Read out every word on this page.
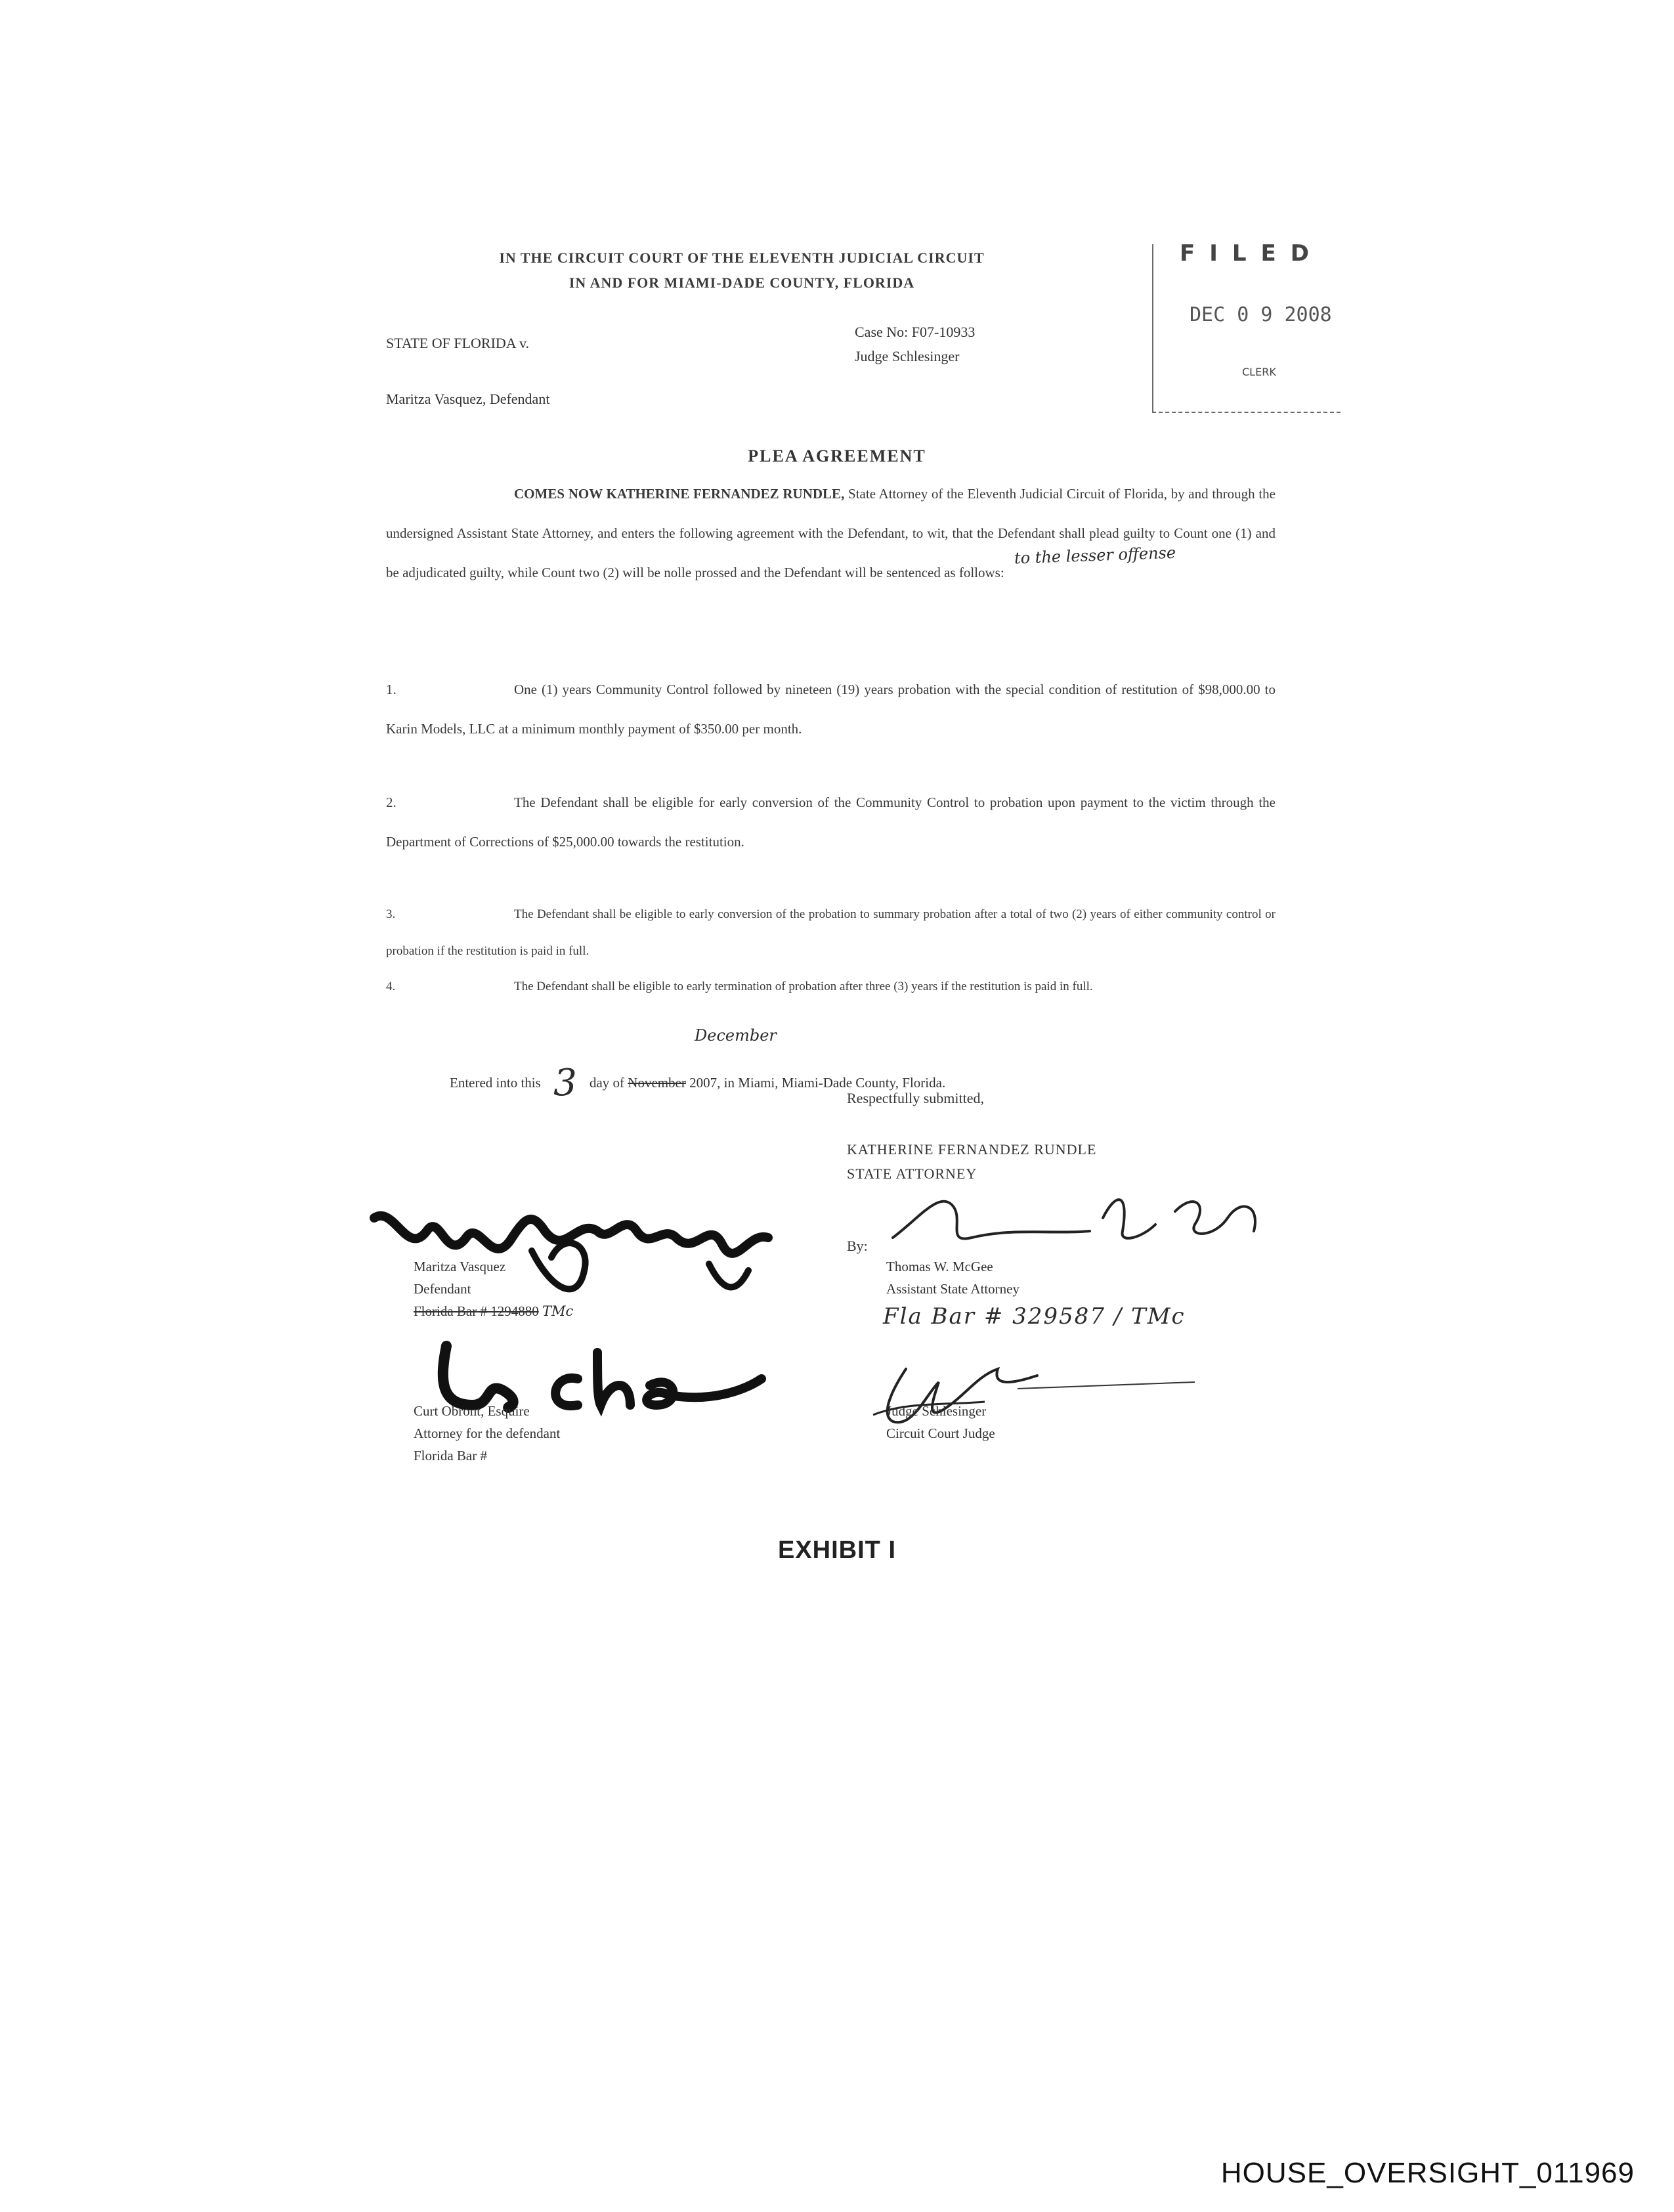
IN THE CIRCUIT COURT OF THE ELEVENTH JUDICIAL CIRCUIT
IN AND FOR MIAMI-DADE COUNTY, FLORIDA
FILED
DEC 0 9 2008
CLERK
STATE OF FLORIDA v.
Maritza Vasquez, Defendant
Case No: F07-10933
Judge Schlesinger
PLEA AGREEMENT
COMES NOW KATHERINE FERNANDEZ RUNDLE, State Attorney of the Eleventh Judicial Circuit of Florida, by and through the undersigned Assistant State Attorney, and enters the following agreement with the Defendant, to wit, that the Defendant shall plead guilty to Count one (1) and be adjudicated guilty, while Count two (2) will be nolle prossed and the Defendant will be sentenced as follows:
to the lesser offense
1.	One (1) years Community Control followed by nineteen (19) years probation with the special condition of restitution of $98,000.00 to Karin Models, LLC at a minimum monthly payment of $350.00 per month.
2.	The Defendant shall be eligible for early conversion of the Community Control to probation upon payment to the victim through the Department of Corrections of $25,000.00 towards the restitution.
3.	The Defendant shall be eligible to early conversion of the probation to summary probation after a total of two (2) years of either community control or probation if the restitution is paid in full.
4.	The Defendant shall be eligible to early termination of probation after three (3) years if the restitution is paid in full.
Entered into this 3 day of November 2007, in Miami, Miami-Dade County, Florida.
December
Respectfully submitted,
KATHERINE FERNANDEZ RUNDLE
STATE ATTORNEY
By:
Maritza Vasquez
Defendant
Florida Bar # 1294880 TMc
Thomas W. McGee
Assistant State Attorney
Fla Bar # 329587 / TMc
Curt Obront, Esquire
Attorney for the defendant
Florida Bar #
Judge Schlesinger
Circuit Court Judge
EXHIBIT I
HOUSE_OVERSIGHT_011969
